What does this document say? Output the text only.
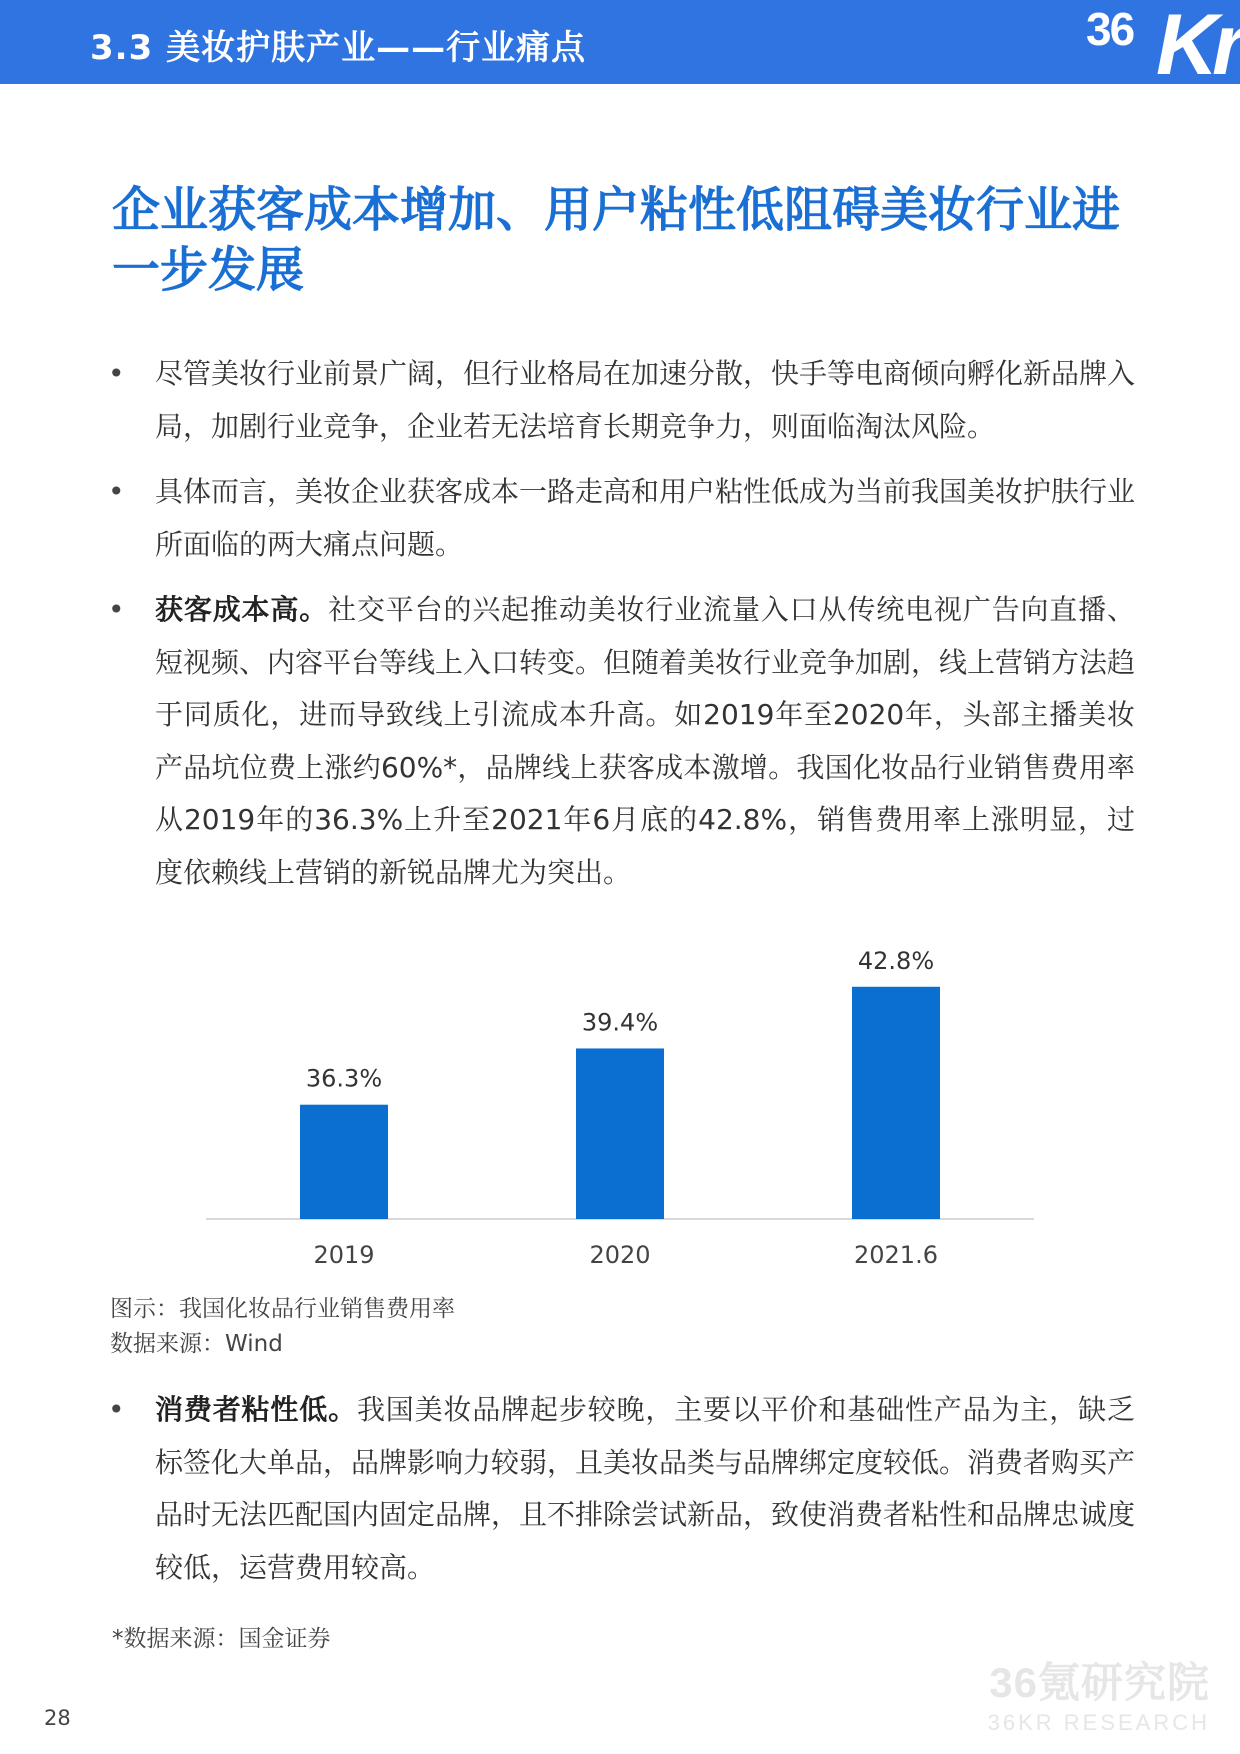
3.3 美妆护肤产业——行业痛点	36 Kr
企业获客成本增加、用户粘性低阻碍美妆行业进一步发展
• 尽管美妆行业前景广阔，但行业格局在加速分散，快手等电商倾向孵化新品牌入局，加剧行业竞争，企业若无法培育长期竞争力，则面临淘汰风险。
• 具体而言，美妆企业获客成本一路走高和用户粘性低成为当前我国美妆护肤行业所面临的两大痛点问题。
• 获客成本高。社交平台的兴起推动美妆行业流量入口从传统电视广告向直播、短视频、内容平台等线上入口转变。但随着美妆行业竞争加剧，线上营销方法趋于同质化，进而导致线上引流成本升高。如2019年至2020年，头部主播美妆产品坑位费上涨约60%*，品牌线上获客成本激增。我国化妆品行业销售费用率从2019年的36.3%上升至2021年6月底的42.8%，销售费用率上涨明显，过度依赖线上营销的新锐品牌尤为突出。
36.3%
2019
39.4%
2020
42.8%
2021.6
图示：我国化妆品行业销售费用率
数据来源：Wind
• 消费者粘性低。我国美妆品牌起步较晚，主要以平价和基础性产品为主，缺乏标签化大单品，品牌影响力较弱，且美妆品类与品牌绑定度较低。消费者购买产品时无法匹配国内固定品牌，且不排除尝试新品，致使消费者粘性和品牌忠诚度较低，运营费用较高。
*数据来源：国金证券
28
36氪研究院
36KR RESEARCH
